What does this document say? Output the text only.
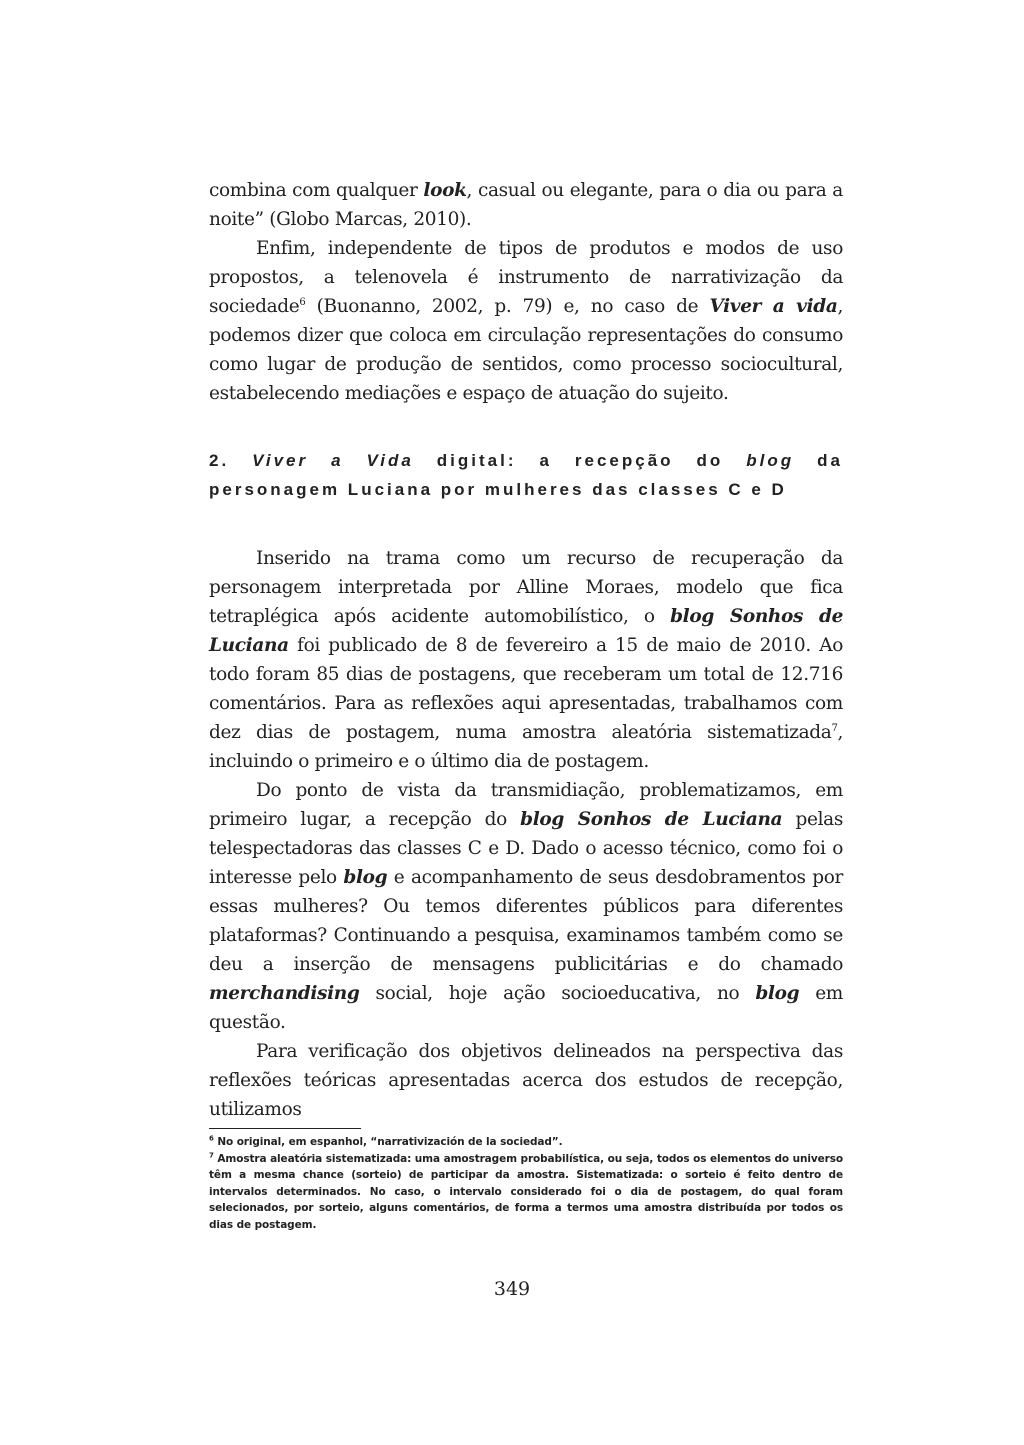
combina com qualquer look, casual ou elegante, para o dia ou para a noite” (Globo Marcas, 2010).

Enfim, independente de tipos de produtos e modos de uso propostos, a telenovela é instrumento de narrativização da sociedade$^6$ (Buonanno, 2002, p. 79) e, no caso de Viver a vida, podemos dizer que coloca em circulação representações do consumo como lugar de produção de sentidos, como processo sociocultural, estabelecendo mediações e espaço de atuação do sujeito.

2. Viver a Vida digital: a recepção do blog da personagem Luciana por mulheres das classes C e D

Inserido na trama como um recurso de recuperação da personagem interpretada por Alline Moraes, modelo que fica tetraplégica após acidente automobilístico, o blog Sonhos de Luciana foi publicado de 8 de fevereiro a 15 de maio de 2010. Ao todo foram 85 dias de postagens, que receberam um total de 12.716 comentários. Para as reflexões aqui apresentadas, trabalhamos com dez dias de postagem, numa amostra aleatória sistematizada$^7$, incluindo o primeiro e o último dia de postagem.

Do ponto de vista da transmidiação, problematizamos, em primeiro lugar, a recepção do blog Sonhos de Luciana pelas telespectadoras das classes C e D. Dado o acesso técnico, como foi o interesse pelo blog e acompanhamento de seus desdobramentos por essas mulheres? Ou temos diferentes públicos para diferentes plataformas? Continuando a pesquisa, examinamos também como se deu a inserção de mensagens publicitárias e do chamado merchandising social, hoje ação socioeducativa, no blog em questão.

Para verificação dos objetivos delineados na perspectiva das reflexões teóricas apresentadas acerca dos estudos de recepção, utilizamos

$^6$ No original, em espanhol, “narrativización de la sociedad”.

$^7$ Amostra aleatória sistematizada: uma amostragem probabilística, ou seja, todos os elementos do universo têm a mesma chance (sorteio) de participar da amostra. Sistematizada: o sorteio é feito dentro de intervalos determinados. No caso, o intervalo considerado foi o dia de postagem, do qual foram selecionados, por sorteio, alguns comentários, de forma a termos uma amostra distribuída por todos os dias de postagem.

349
